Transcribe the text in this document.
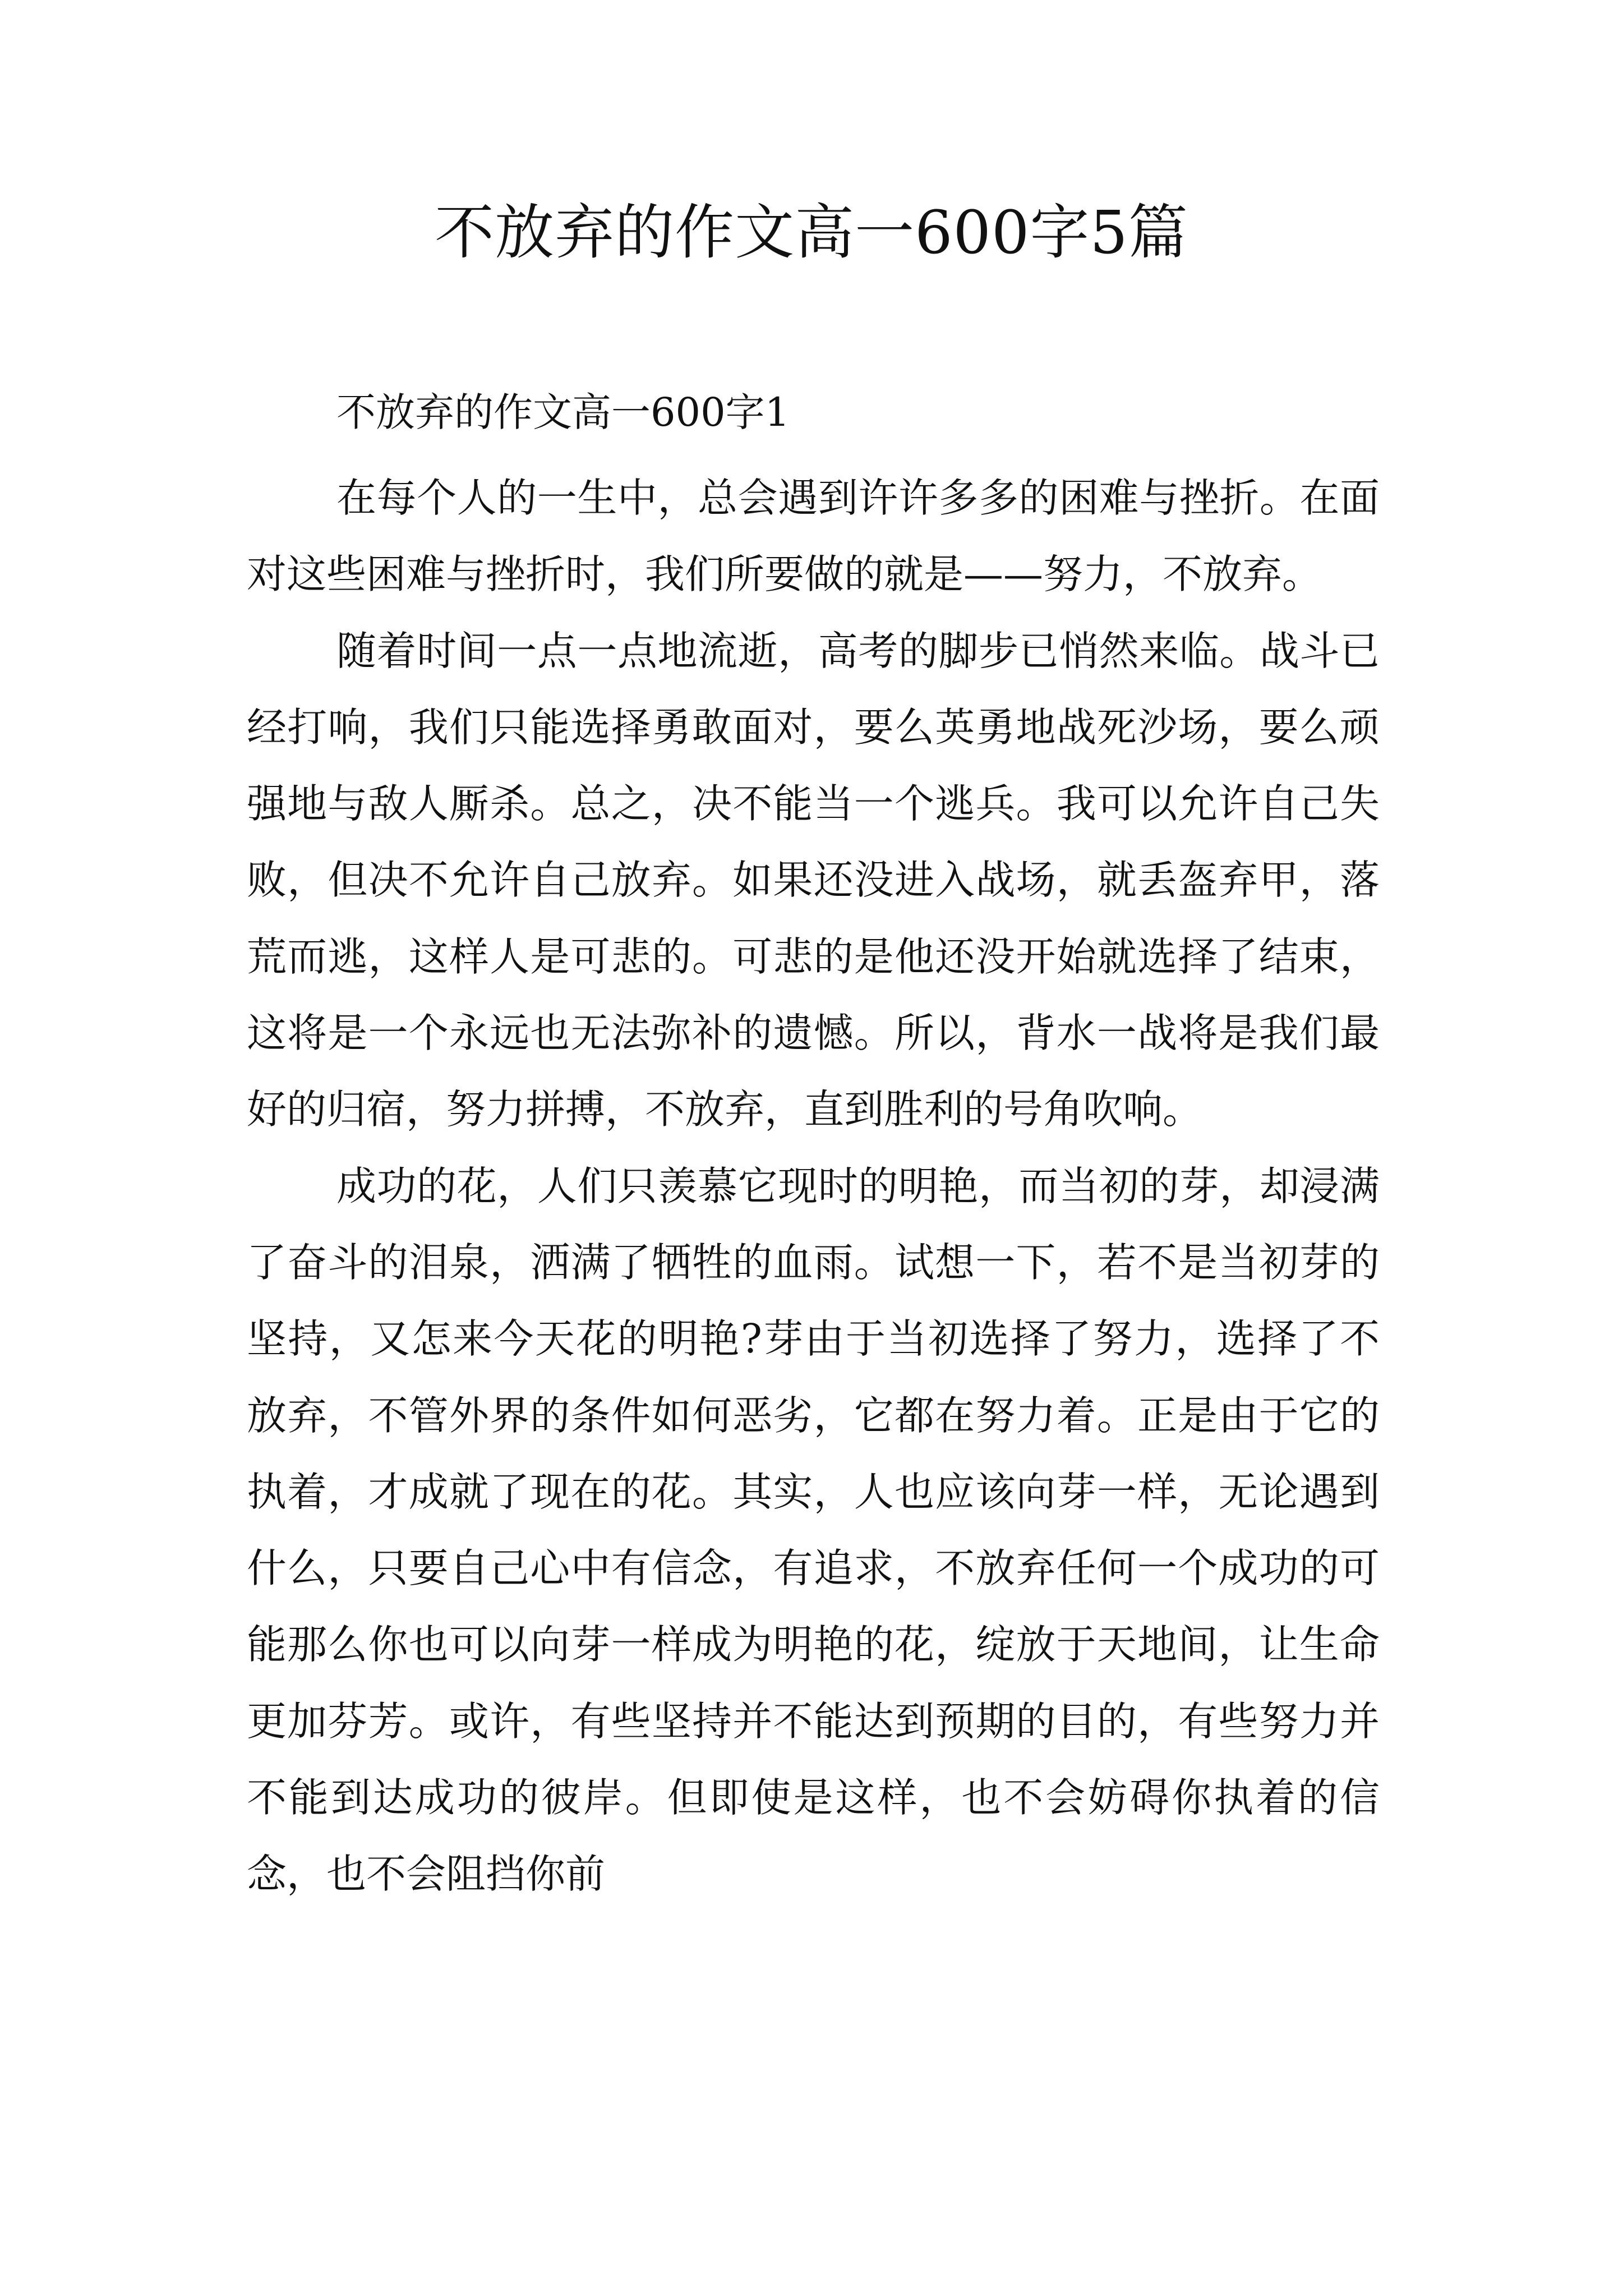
不放弃的作文高一600字5篇
不放弃的作文高一600字1

在每个人的一生中，总会遇到许许多多的困难与挫折。在面对这些困难与挫折时，我们所要做的就是——努力，不放弃。

随着时间一点一点地流逝，高考的脚步已悄然来临。战斗已经打响，我们只能选择勇敢面对，要么英勇地战死沙场，要么顽强地与敌人厮杀。总之，决不能当一个逃兵。我可以允许自己失败，但决不允许自己放弃。如果还没进入战场，就丢盔弃甲，落荒而逃，这样人是可悲的。可悲的是他还没开始就选择了结束，这将是一个永远也无法弥补的遗憾。所以，背水一战将是我们最好的归宿，努力拼搏，不放弃，直到胜利的号角吹响。

成功的花，人们只羡慕它现时的明艳，而当初的芽，却浸满了奋斗的泪泉，洒满了牺牲的血雨。试想一下，若不是当初芽的坚持，又怎来今天花的明艳?芽由于当初选择了努力，选择了不放弃，不管外界的条件如何恶劣，它都在努力着。正是由于它的执着，才成就了现在的花。其实，人也应该向芽一样，无论遇到什么，只要自己心中有信念，有追求，不放弃任何一个成功的可能那么你也可以向芽一样成为明艳的花，绽放于天地间，让生命更加芬芳。或许，有些坚持并不能达到预期的目的，有些努力并不能到达成功的彼岸。但即使是这样，也不会妨碍你执着的信念，也不会阻挡你前
